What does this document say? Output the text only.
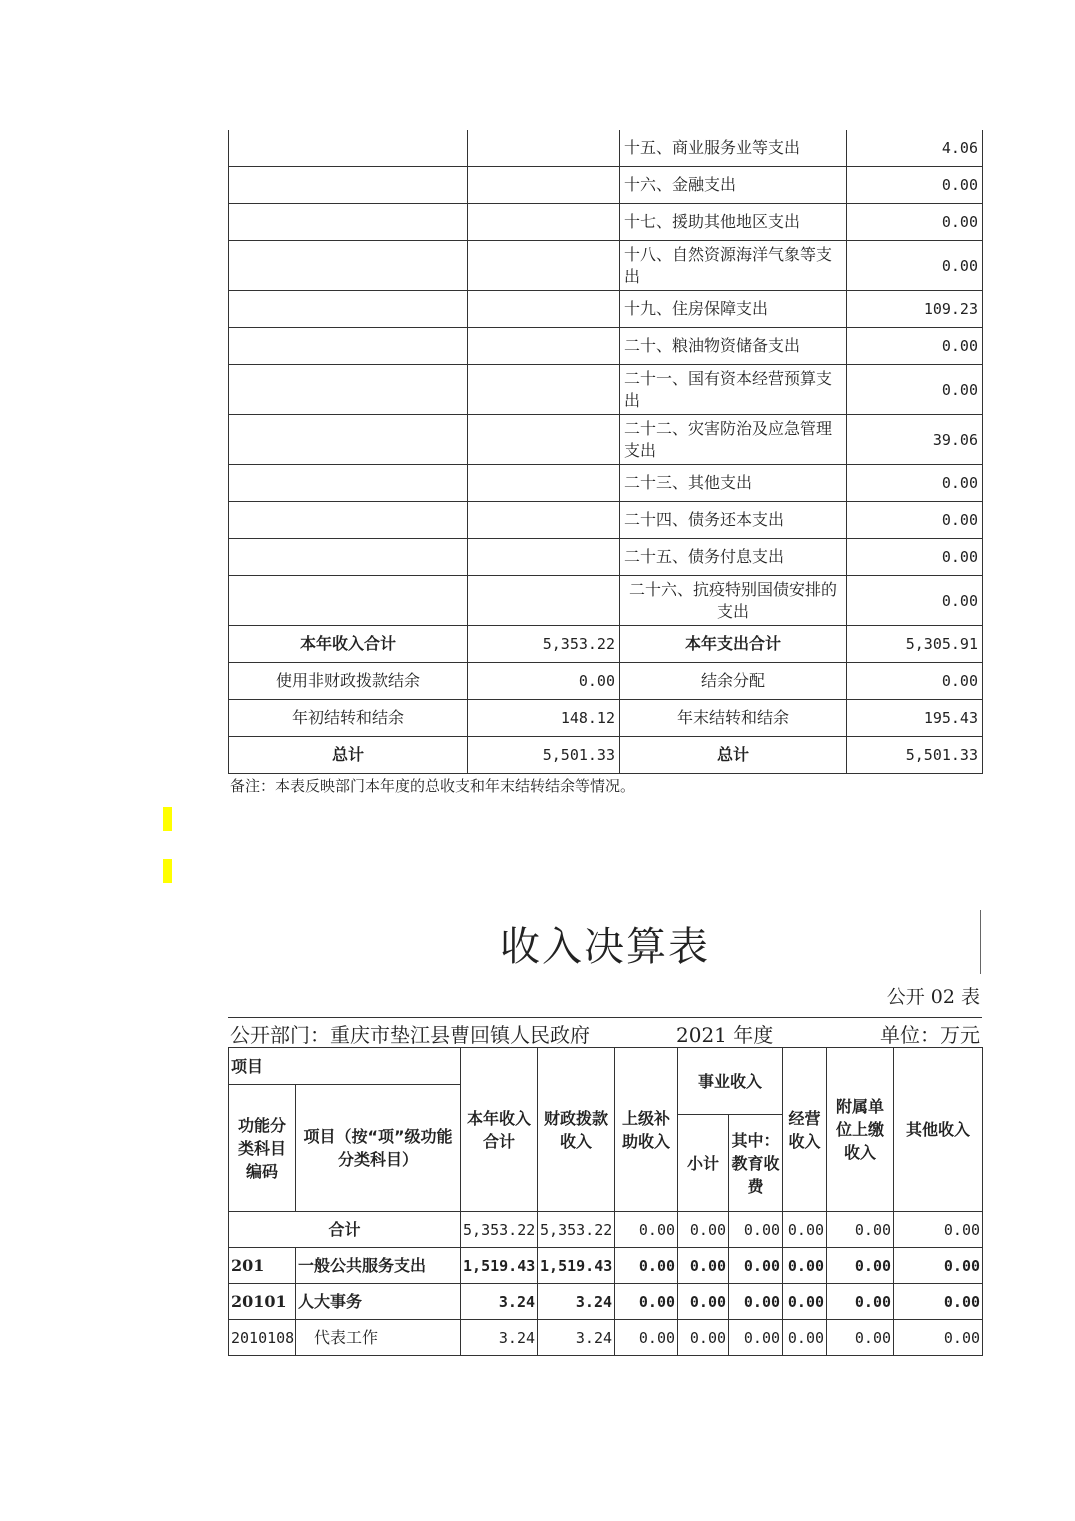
		十五、商业服务业等支出	4.06
		十六、金融支出	0.00
		十七、援助其他地区支出	0.00
		十八、自然资源海洋气象等支出	0.00
		十九、住房保障支出	109.23
		二十、粮油物资储备支出	0.00
		二十一、国有资本经营预算支出	0.00
		二十二、灾害防治及应急管理支出	39.06
		二十三、其他支出	0.00
		二十四、债务还本支出	0.00
		二十五、债务付息支出	0.00
		二十六、抗疫特别国债安排的支出	0.00
本年收入合计	5,353.22	本年支出合计	5,305.91
使用非财政拨款结余	0.00	结余分配	0.00
年初结转和结余	148.12	年末结转和结余	195.43
总计	5,501.33	总计	5,501.33
备注：本表反映部门本年度的总收支和年末结转结余等情况。
收入决算表
公开 02 表
公开部门：重庆市垫江县曹回镇人民政府	2021 年度	单位：万元
项目		本年收入合计	财政拨款收入	上级补助收入	事业收入		经营收入	附属单位上缴收入	其他收入
功能分类科目编码	项目（按“项”级功能分类科目）								
					小计	其中：教育收费			
合计		5,353.22	5,353.22	0.00	0.00	0.00	0.00	0.00	0.00
201	一般公共服务支出	1,519.43	1,519.43	0.00	0.00	0.00	0.00	0.00	0.00
20101	人大事务	3.24	3.24	0.00	0.00	0.00	0.00	0.00	0.00
2010108	代表工作	3.24	3.24	0.00	0.00	0.00	0.00	0.00	0.00
